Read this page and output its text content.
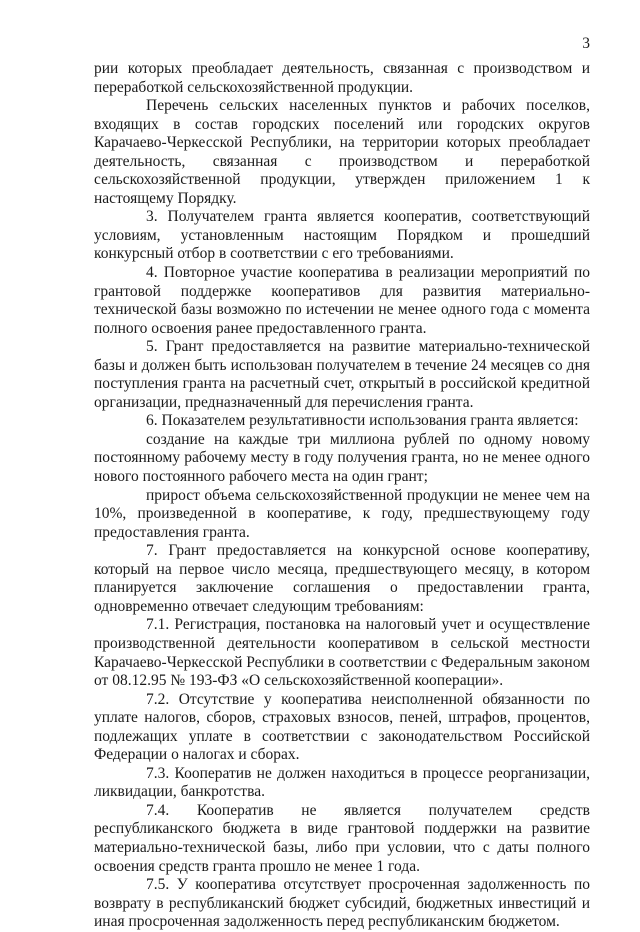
3

рии которых преобладает деятельность, связанная с производством и переработкой сельскохозяйственной продукции.

Перечень сельских населенных пунктов и рабочих поселков, входящих в состав городских поселений или городских округов Карачаево-Черкесской Республики, на территории которых преобладает деятельность, связанная с производством и переработкой сельскохозяйственной продукции, утвержден приложением 1 к настоящему Порядку.

3. Получателем гранта является кооператив, соответствующий условиям, установленным настоящим Порядком и прошедший конкурсный отбор в соответствии с его требованиями.

4. Повторное участие кооператива в реализации мероприятий по грантовой поддержке кооперативов для развития материально-технической базы возможно по истечении не менее одного года с момента полного освоения ранее предоставленного гранта.

5. Грант предоставляется на развитие материально-технической базы и должен быть использован получателем в течение 24 месяцев со дня поступления гранта на расчетный счет, открытый в российской кредитной организации, предназначенный для перечисления гранта.

6. Показателем результативности использования гранта является:

создание на каждые три миллиона рублей по одному новому постоянному рабочему месту в году получения гранта, но не менее одного нового постоянного рабочего места на один грант;

прирост объема сельскохозяйственной продукции не менее чем на 10%, произведенной в кооперативе, к году, предшествующему году предоставления гранта.

7. Грант предоставляется на конкурсной основе кооперативу, который на первое число месяца, предшествующего месяцу, в котором планируется заключение соглашения о предоставлении гранта, одновременно отвечает следующим требованиям:

7.1. Регистрация, постановка на налоговый учет и осуществление производственной деятельности кооперативом в сельской местности Карачаево-Черкесской Республики в соответствии с Федеральным законом от 08.12.95 № 193-ФЗ «О сельскохозяйственной кооперации».

7.2. Отсутствие у кооператива неисполненной обязанности по уплате налогов, сборов, страховых взносов, пеней, штрафов, процентов, подлежащих уплате в соответствии с законодательством Российской Федерации о налогах и сборах.

7.3. Кооператив не должен находиться в процессе реорганизации, ликвидации, банкротства.

7.4. Кооператив не является получателем средств республиканского бюджета в виде грантовой поддержки на развитие материально-технической базы, либо при условии, что с даты полного освоения средств гранта прошло не менее 1 года.

7.5. У кооператива отсутствует просроченная задолженность по возврату в республиканский бюджет субсидий, бюджетных инвестиций и иная просроченная задолженность перед республиканским бюджетом.
